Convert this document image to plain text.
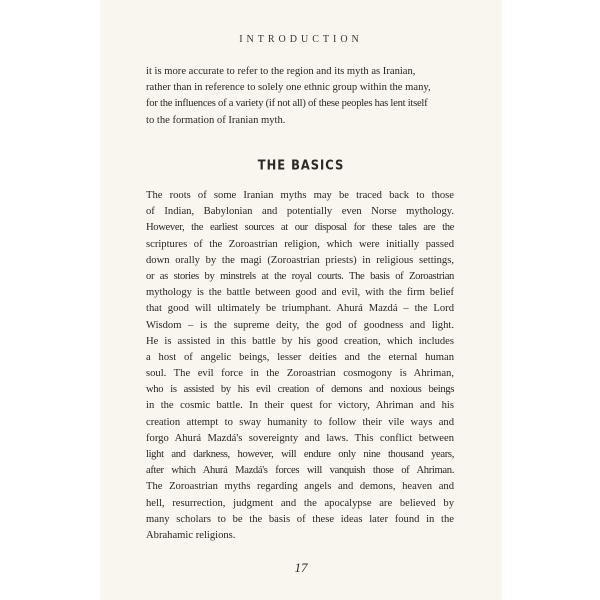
INTRODUCTION

it is more accurate to refer to the region and its myth as Iranian,
rather than in reference to solely one ethnic group within the many,
for the influences of a variety (if not all) of these peoples has lent itself
to the formation of Iranian myth.

THE BASICS
The roots of some Iranian myths may be traced back to those
of Indian, Babylonian and potentially even Norse mythology.
However, the earliest sources at our disposal for these tales are the
scriptures of the Zoroastrian religion, which were initially passed
down orally by the magi (Zoroastrian priests) in religious settings,
or as stories by minstrels at the royal courts. The basis of Zoroastrian
mythology is the battle between good and evil, with the firm belief
that good will ultimately be triumphant. Ahurá Mazdá – the Lord
Wisdom – is the supreme deity, the god of goodness and light.
He is assisted in this battle by his good creation, which includes
a host of angelic beings, lesser deities and the eternal human
soul. The evil force in the Zoroastrian cosmogony is Ahriman,
who is assisted by his evil creation of demons and noxious beings
in the cosmic battle. In their quest for victory, Ahriman and his
creation attempt to sway humanity to follow their vile ways and
forgo Ahurá Mazdá's sovereignty and laws. This conflict between
light and darkness, however, will endure only nine thousand years,
after which Ahurá Mazdá's forces will vanquish those of Ahriman.
The Zoroastrian myths regarding angels and demons, heaven and
hell, resurrection, judgment and the apocalypse are believed by
many scholars to be the basis of these ideas later found in the
Abrahamic religions.
17
